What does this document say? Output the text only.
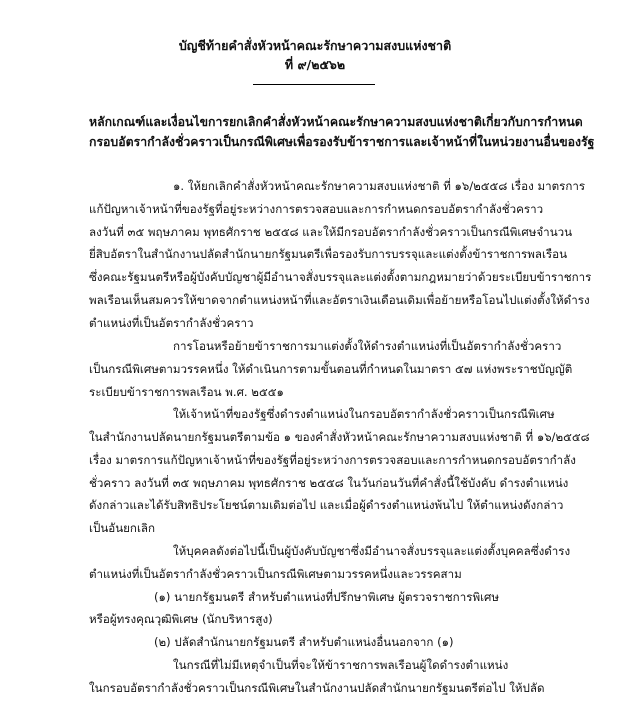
บัญชีท้ายคำสั่งหัวหน้าคณะรักษาความสงบแห่งชาติ
ที่ ๙/๒๕๖๒
หลักเกณฑ์และเงื่อนไขการยกเลิกคำสั่งหัวหน้าคณะรักษาความสงบแห่งชาติเกี่ยวกับการกำหนด
กรอบอัตรากำลังชั่วคราวเป็นกรณีพิเศษเพื่อรองรับข้าราชการและเจ้าหน้าที่ในหน่วยงานอื่นของรัฐ
๑. ให้ยกเลิกคำสั่งหัวหน้าคณะรักษาความสงบแห่งชาติ ที่ ๑๖/๒๕๕๘ เรื่อง มาตรการ
แก้ปัญหาเจ้าหน้าที่ของรัฐที่อยู่ระหว่างการตรวจสอบและการกำหนดกรอบอัตรากำลังชั่วคราว
ลงวันที่ ๓๕ พฤษภาคม พุทธศักราช ๒๕๕๘ และให้มีกรอบอัตรากำลังชั่วคราวเป็นกรณีพิเศษจำนวน
ยี่สิบอัตราในสำนักงานปลัดสำนักนายกรัฐมนตรีเพื่อรองรับการบรรจุและแต่งตั้งข้าราชการพลเรือน
ซึ่งคณะรัฐมนตรีหรือผู้บังคับบัญชาผู้มีอำนาจสั่งบรรจุและแต่งตั้งตามกฎหมายว่าด้วยระเบียบข้าราชการ
พลเรือนเห็นสมควรให้ขาดจากตำแหน่งหน้าที่และอัตราเงินเดือนเดิมเพื่อย้ายหรือโอนไปแต่งตั้งให้ดำรง
ตำแหน่งที่เป็นอัตรากำลังชั่วคราว
การโอนหรือย้ายข้าราชการมาแต่งตั้งให้ดำรงตำแหน่งที่เป็นอัตรากำลังชั่วคราว
เป็นกรณีพิเศษตามวรรคหนึ่ง ให้ดำเนินการตามขั้นตอนที่กำหนดในมาตรา ๕๗ แห่งพระราชบัญญัติ
ระเบียบข้าราชการพลเรือน พ.ศ. ๒๕๕๑
ให้เจ้าหน้าที่ของรัฐซึ่งดำรงตำแหน่งในกรอบอัตรากำลังชั่วคราวเป็นกรณีพิเศษ
ในสำนักงานปลัดนายกรัฐมนตรีตามข้อ ๑ ของคำสั่งหัวหน้าคณะรักษาความสงบแห่งชาติ ที่ ๑๖/๒๕๕๘
เรื่อง มาตรการแก้ปัญหาเจ้าหน้าที่ของรัฐที่อยู่ระหว่างการตรวจสอบและการกำหนดกรอบอัตรากำลัง
ชั่วคราว ลงวันที่ ๓๕ พฤษภาคม พุทธศักราช ๒๕๕๘ ในวันก่อนวันที่คำสั่งนี้ใช้บังคับ ดำรงตำแหน่ง
ดังกล่าวและได้รับสิทธิประโยชน์ตามเดิมต่อไป และเมื่อผู้ดำรงตำแหน่งพ้นไป ให้ตำแหน่งดังกล่าว
เป็นอันยกเลิก
ให้บุคคลดังต่อไปนี้เป็นผู้บังคับบัญชาซึ่งมีอำนาจสั่งบรรจุและแต่งตั้งบุคคลซึ่งดำรง
ตำแหน่งที่เป็นอัตรากำลังชั่วคราวเป็นกรณีพิเศษตามวรรคหนึ่งและวรรคสาม
(๑) นายกรัฐมนตรี สำหรับตำแหน่งที่ปรึกษาพิเศษ ผู้ตรวจราชการพิเศษ
หรือผู้ทรงคุณวุฒิพิเศษ (นักบริหารสูง)
(๒) ปลัดสำนักนายกรัฐมนตรี สำหรับตำแหน่งอื่นนอกจาก (๑)
ในกรณีที่ไม่มีเหตุจำเป็นที่จะให้ข้าราชการพลเรือนผู้ใดดำรงตำแหน่ง
ในกรอบอัตรากำลังชั่วคราวเป็นกรณีพิเศษในสำนักงานปลัดสำนักนายกรัฐมนตรีต่อไป ให้ปลัด
